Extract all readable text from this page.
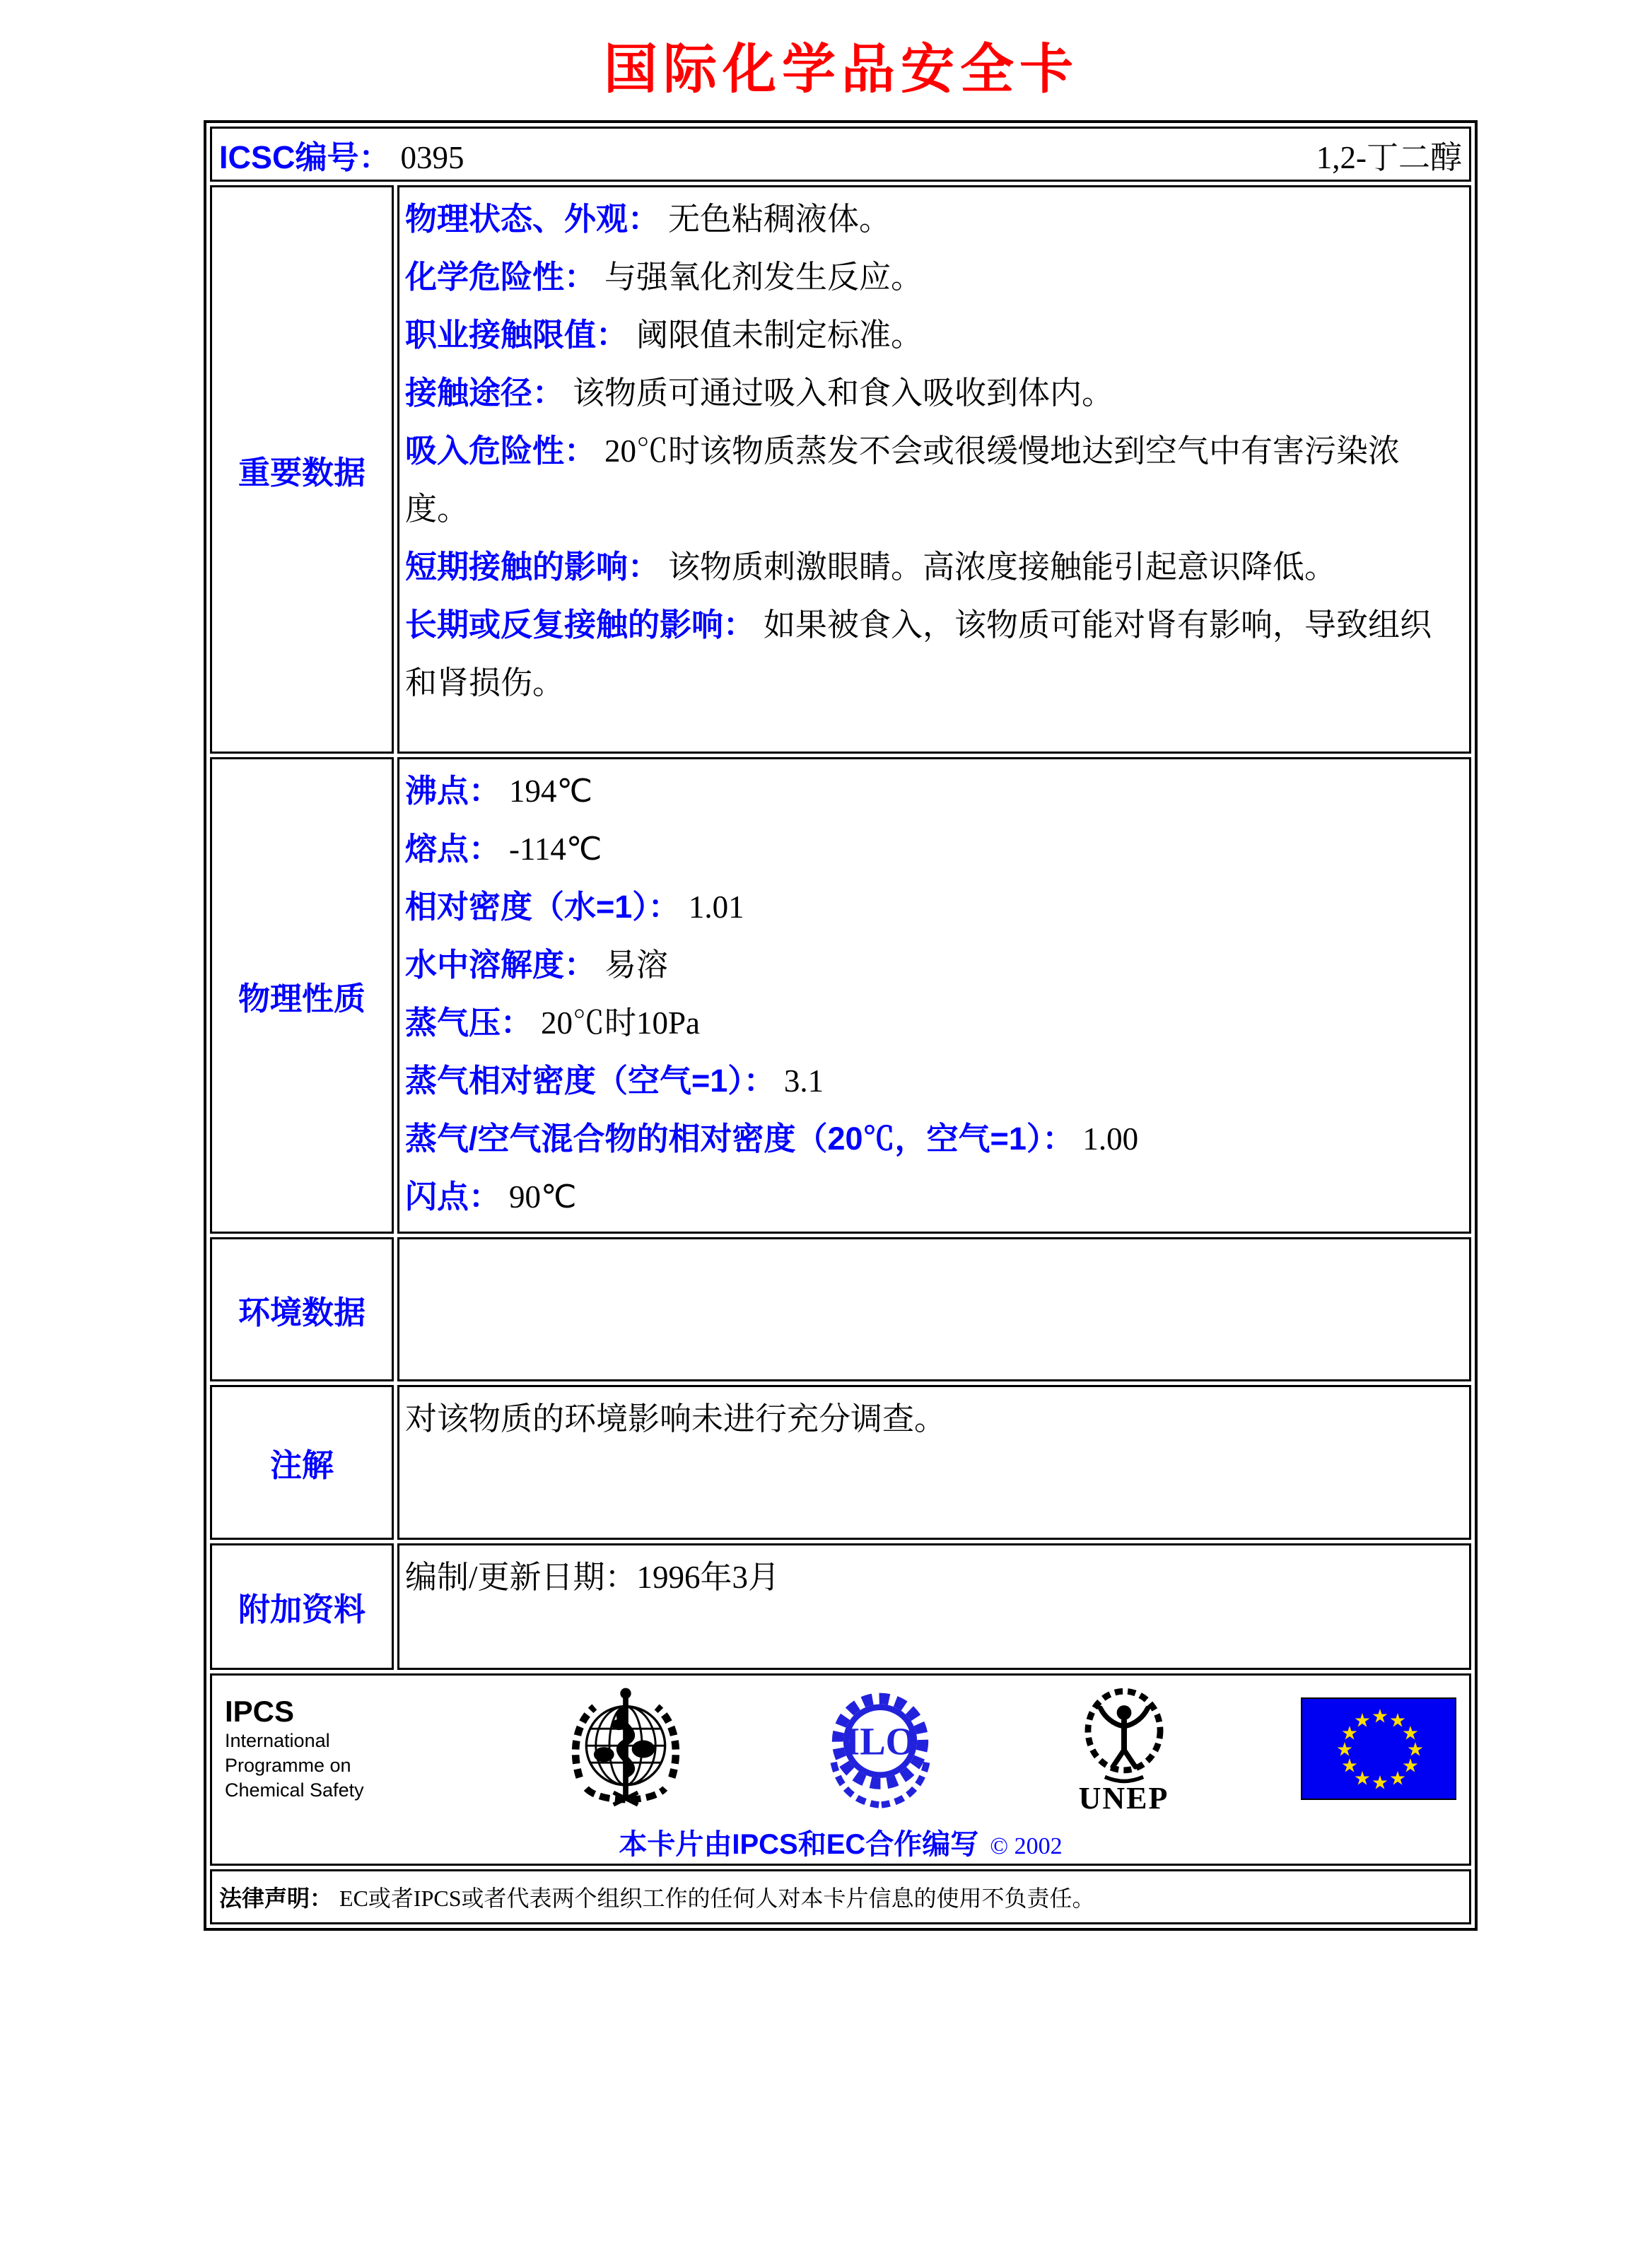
国际化学品安全卡
ICSC编号： 0395 1,2-丁二醇	

重要数据	
物理状态、外观： 无色粘稠液体。
化学危险性： 与强氧化剂发生反应。
职业接触限值： 阈限值未制定标准。
接触途径： 该物质可通过吸入和食入吸收到体内。
吸入危险性： 20℃时该物质蒸发不会或很缓慢地达到空气中有害污染浓度。
短期接触的影响： 该物质刺激眼睛。高浓度接触能引起意识降低。
长期或反复接触的影响： 如果被食入，该物质可能对肾有影响，导致组织和肾损伤。

物理性质	
沸点： 194℃
熔点： -114℃
相对密度（水=1）： 1.01
水中溶解度： 易溶
蒸气压： 20℃时10Pa
蒸气相对密度（空气=1）： 3.1
蒸气/空气混合物的相对密度（20℃，空气=1）： 1.00
闪点： 90℃

环境数据	
注解	对该物质的环境影响未进行充分调查。
附加资料	编制/更新日期：1996年3月

IPCS
International
Programme on
Chemical Safety
ILO
UNEP
★ ★
★
★
★
★
★
★
★
★
★
★
本卡片由IPCS和EC合作编写 © 2002

法律声明： EC或者IPCS或者代表两个组织工作的任何人对本卡片信息的使用不负责任。	
